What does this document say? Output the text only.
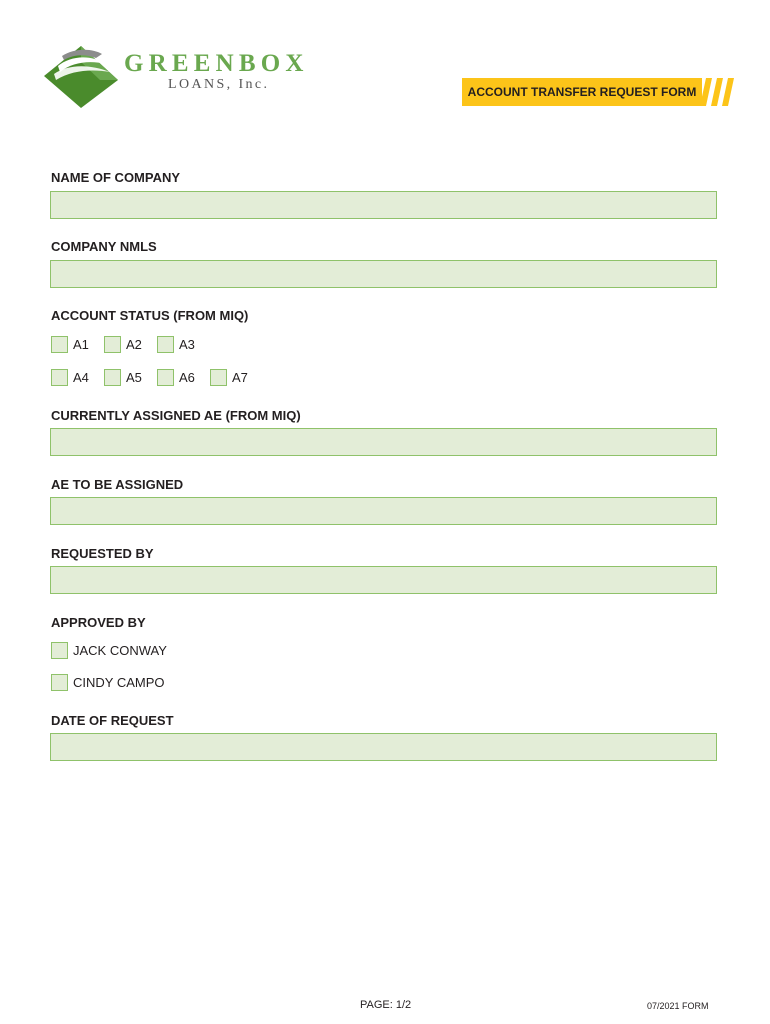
GREENBOX
LOANS, Inc.	ACCOUNT TRANSFER REQUEST FORM
NAME OF COMPANY
COMPANY NMLS
ACCOUNT STATUS (FROM MIQ)
A1	A2	A3
A4	A5	A6	A7
CURRENTLY ASSIGNED AE (FROM MIQ)
AE TO BE ASSIGNED
REQUESTED BY
APPROVED BY
JACK CONWAY
CINDY CAMPO
DATE OF REQUEST
PAGE: 1/2	07/2021 FORM
